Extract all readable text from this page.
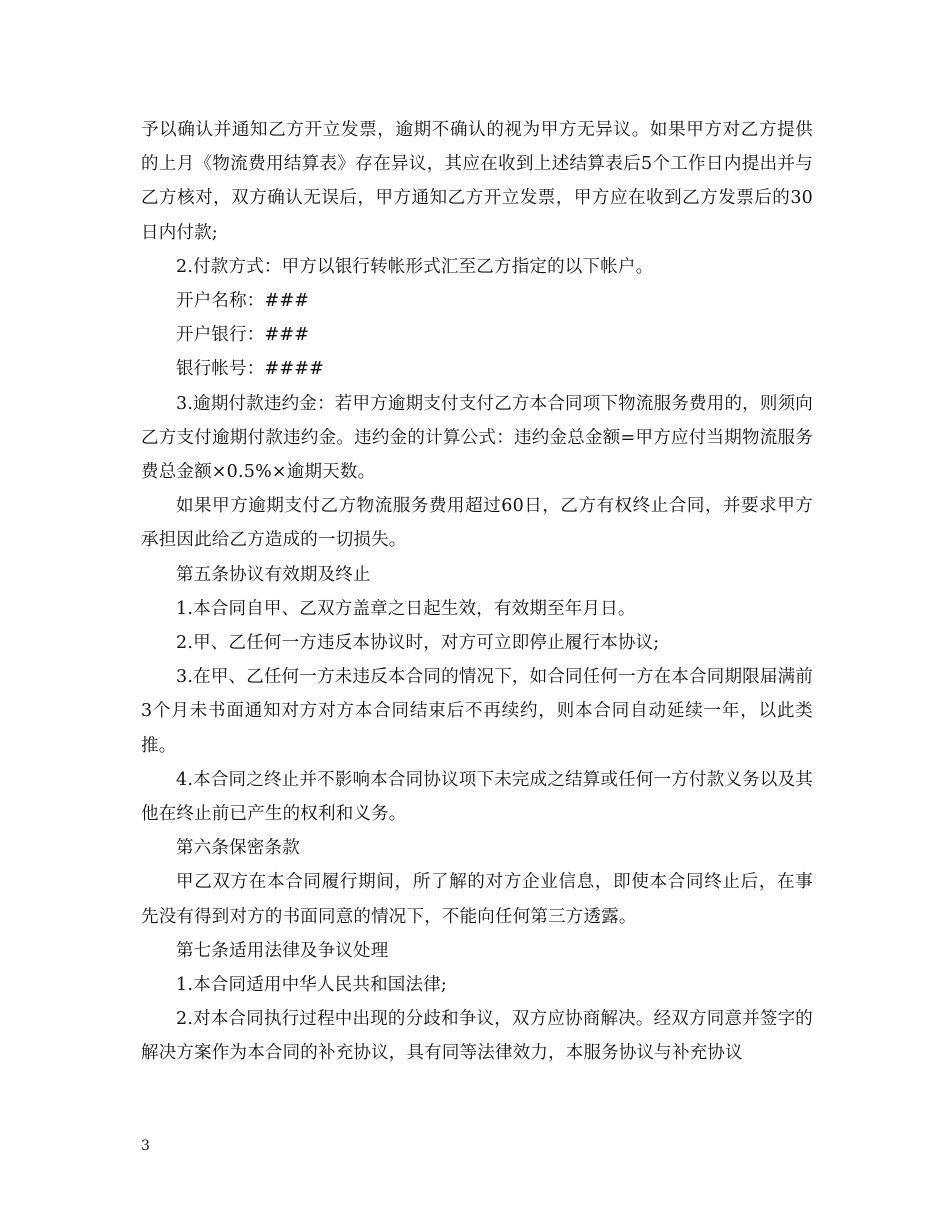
予以确认并通知乙方开立发票，逾期不确认的视为甲方无异议。如果甲方对乙方提供的上月《物流费用结算表》存在异议，其应在收到上述结算表后5个工作日内提出并与乙方核对，双方确认无误后，甲方通知乙方开立发票，甲方应在收到乙方发票后的30日内付款;

2.付款方式：甲方以银行转帐形式汇至乙方指定的以下帐户。

开户名称：###

开户银行：###

银行帐号：####

3.逾期付款违约金：若甲方逾期支付支付乙方本合同项下物流服务费用的，则须向乙方支付逾期付款违约金。违约金的计算公式：违约金总金额=甲方应付当期物流服务费总金额×0.5%×逾期天数。

如果甲方逾期支付乙方物流服务费用超过60日，乙方有权终止合同，并要求甲方承担因此给乙方造成的一切损失。

第五条协议有效期及终止

1.本合同自甲、乙双方盖章之日起生效，有效期至年月日。

2.甲、乙任何一方违反本协议时，对方可立即停止履行本协议;

3.在甲、乙任何一方未违反本合同的情况下，如合同任何一方在本合同期限届满前3个月未书面通知对方对方本合同结束后不再续约，则本合同自动延续一年，以此类推。

4.本合同之终止并不影响本合同协议项下未完成之结算或任何一方付款义务以及其他在终止前已产生的权利和义务。

第六条保密条款

甲乙双方在本合同履行期间，所了解的对方企业信息，即使本合同终止后，在事先没有得到对方的书面同意的情况下，不能向任何第三方透露。

第七条适用法律及争议处理

1.本合同适用中华人民共和国法律;

2.对本合同执行过程中出现的分歧和争议，双方应协商解决。经双方同意并签字的解决方案作为本合同的补充协议，具有同等法律效力，本服务协议与补充协议

3
